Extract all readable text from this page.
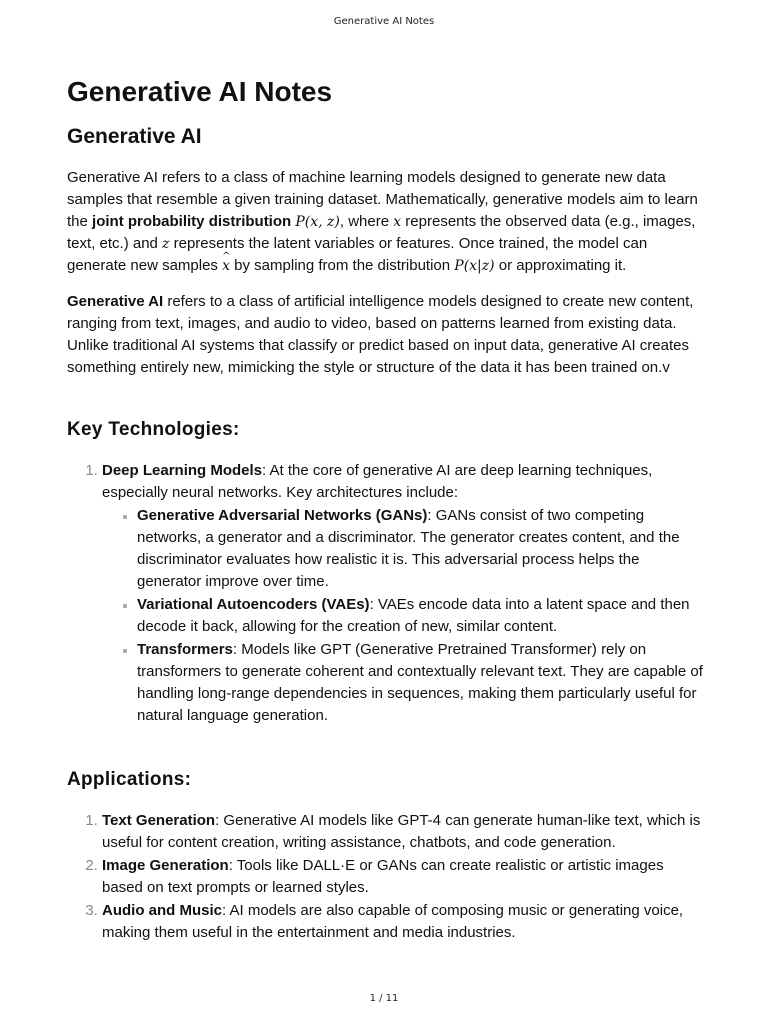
Generative AI Notes
Generative AI Notes
Generative AI

Generative AI refers to a class of machine learning models designed to generate new data samples that resemble a given training dataset. Mathematically, generative models aim to learn the joint probability distribution P(x, z), where x represents the observed data (e.g., images, text, etc.) and z represents the latent variables or features. Once trained, the model can generate new samples ^ x by sampling from the distribution P(x|z) or approximating it.

Generative AI refers to a class of artificial intelligence models designed to create new content, ranging from text, images, and audio to video, based on patterns learned from existing data. Unlike traditional AI systems that classify or predict based on input data, generative AI creates something entirely new, mimicking the style or structure of the data it has been trained on.v

Key Technologies:
1. Deep Learning Models: At the core of generative AI are deep learning techniques, especially neural networks. Key architectures include:
Generative Adversarial Networks (GANs): GANs consist of two competing networks, a generator and a discriminator. The generator creates content, and the discriminator evaluates how realistic it is. This adversarial process helps the generator improve over time.
Variational Autoencoders (VAEs): VAEs encode data into a latent space and then decode it back, allowing for the creation of new, similar content.
Transformers: Models like GPT (Generative Pretrained Transformer) rely on transformers to generate coherent and contextually relevant text. They are capable of handling long-range dependencies in sequences, making them particularly useful for natural language generation.
Applications:
1. Text Generation: Generative AI models like GPT-4 can generate human-like text, which is useful for content creation, writing assistance, chatbots, and code generation.
2. Image Generation: Tools like DALL·E or GANs can create realistic or artistic images based on text prompts or learned styles.
3. Audio and Music: AI models are also capable of composing music or generating voice, making them useful in the entertainment and media industries.
1 / 11
